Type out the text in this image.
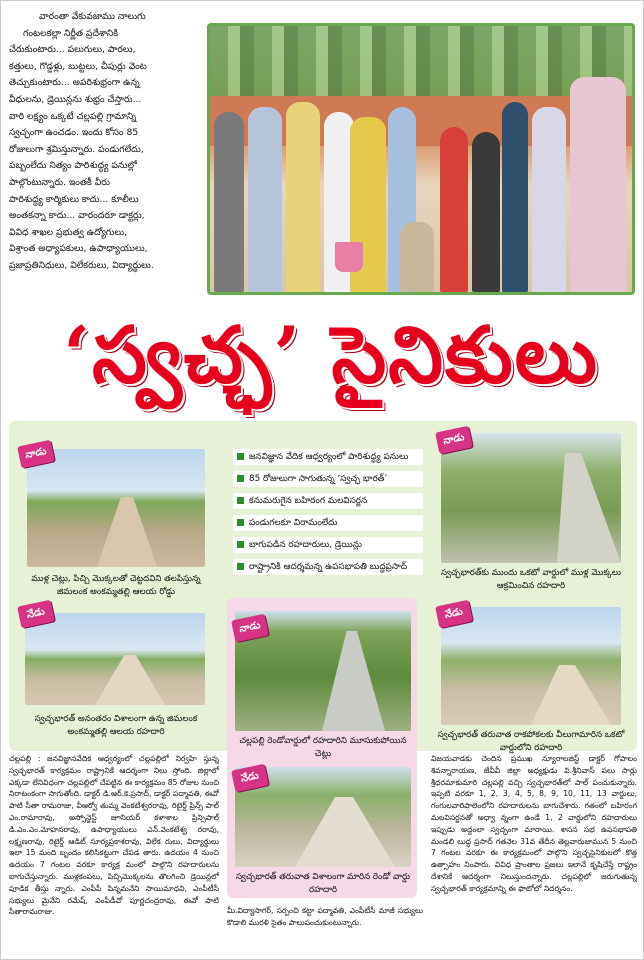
వారంతా వేకువజాము నాలుగు

గంటలకల్లా నిర్ణీత ప్రదేశానికి

చేరుకుంటారు... పలుగులు, పారలు,

కత్తులు, గొడ్డళ్లు, బుట్టలు, చీపుర్లు వెంట

తెచ్చుకుంటారు... అపరిశుభ్రంగా ఉన్న

వీధులను, డ్రెయిన్లను శుభ్రం చేస్తారు...

వారి లక్ష్యం ఒక్కటే చల్లపల్లి గ్రామాన్ని

స్వచ్ఛంగా ఉంచడం. ఇందు కోసం 85

రోజులుగా శ్రమిస్తున్నారు. పండుగలేదు,

పబ్బంలేదు నిత్యం పారిశుద్ధ్య పనుల్లో

పాల్గొంటున్నారు. ఇంతకీ వీరు

పారిశుద్ధ్య కార్మికులు కాదు... కూలీలు

అంతకన్నా కాదు... వారందరూ డాక్టర్లు,

వివిధ శాఖల ప్రభుత్వ ఉద్యోగులు,

విశ్రాంత అధ్యాపకులు, ఉపాధ్యాయులు,

ప్రజాప్రతినిధులు, విలేకరులు, విద్యార్థులు.

‘స్వచ్ఛ’ సైనికులు
నాడు
ముళ్ల చెట్లు, పిచ్చి మొక్కలతో చెట్టదవిని తలపిస్తున్న జిమలంక అంకమ్మతల్లి ఆలయ రోడ్డు
నేడు
స్వచ్ఛభారత్ అనంతరం విశాలంగా ఉన్న జిమలంక అంకమ్మతల్లి ఆలయ రహదారి
జనవిజ్ఞాన వేదిక ఆధ్వర్యంలో పారిశుద్ధ్య పనులు
85 రోజులుగా సాగుతున్న ‘స్వచ్ఛ భారత్’
కనుమరుగైన బహిరంగ మలవిసర్జన
పండుగలకూ విరామంలేదు
బాగుపడిన రహదారులు, డ్రెయిన్లు
రాష్ట్రానికి ఆదర్శమన్న ఉపసభాపతి బుద్ధప్రసాద్
నాడు
చల్లపల్లి రెండోవార్డులో రహదారిని మూసుకుపోయిన చెట్లు
నేడు
స్వచ్ఛభారత్ తరువాత విశాలంగా మారిన రెండో వార్డు రహదారి
నాడు
స్వచ్ఛభారత్‌కు ముందు ఒకటో వార్డులో ముళ్ల మొక్కలు ఆక్రమించిన రహదారి
నేడు
స్వచ్ఛభారత్ తరువాత రాకపోకలకు వీలుగామారిన ఒకటో వార్డులోని రహదారి
చల్లపల్లి : జనవిజ్ఞానవేదిక ఆధ్వర్యంలో చల్లపల్లిలో నిర్వహి స్తున్న స్వచ్ఛభారత్ కార్యక్రమం రాష్ట్రానికే ఆదర్శంగా నిలు స్తోంది. జిల్లాలో ఎక్కడా లేనివిధంగా చల్లపల్లిలో చేపట్టిన ఈ కార్యక్రమం 85 రోజుల నుంచి నిరాటంకంగా సాగుతోంది. డాక్టర్ డి.ఆర్.కె.ప్రసాద్, డాక్టర్ పద్మావతి, ఈవో పాటి సీతా రామరాజు, వీఆర్వో తుమ్మ వెంకటేశ్వరరావు, రిటైర్డ్ ప్రిన్స్ పాల్ ఎం.రామారావు, అస్సోన్జెస్ట్ జూనియర్ కళాశాల ప్రిన్సిపాల్ డి.ఎం.ఎం.మోహనరావు, ఉపాధ్యాయులు ఎన్.వెంకటేశ్వ రరావు, లక్ష్మణరావు, రిటైర్డ్ ఆడిట్ సూర్యప్రకాశరావు, విలేక రులు, విద్యార్థులు ఇలా 15 మంది బృందం కలిసికట్టుగా చేపడ తారు. ఉదయం 4 నుంచి ఉదయం 7 గంటల వరకూ కార్యక్ర మంలో పాల్గొని రహదారులను బాగుచేస్తున్నారు. ముళ్లకంపలు, పిచ్చిమొక్కలను తొలగించి డ్రెయిన్లలో పూడిక తీస్తు న్నారు. ఎంపీపీ పిన్నమనేని సాయిమాధవి, ఎంపీటీసీ సభ్యులు మైనేని రమేష్, ఎంపీడీవో పూర్ణచంద్రరావు, ఈవో పాటి సీతారామరాజు.	మీ.విద్యాసాగర్, సర్పంచి కట్టా పద్మావతి, ఎంపీటీసీ మాజీ సభ్యులు కొడాలి మురళి సైతం పాలుపంచుకుంటున్నారు.
విజయవాడకు చెందిన ప్రముఖ న్యూరాలజిస్ట్ డాక్టర్ గోపాలం శివన్నారాయణ, జేవీవీ జిల్లా అధ్యక్షుడు వి.శ్రీనివాస్ పలు సార్లు శ్రీధరమాకుమారి చల్లపల్లి వచ్చి స్వచ్ఛభారత్‌లో పాల్ పంచుకున్నారు. ఇప్పటి వరకూ 1, 2, 3, 4, 5, 8, 9, 10, 11, 13 వార్డులు, గంగులవారిపాలెంలోని రహదారులను బాగుచేశారు. గతంలో బహిరంగ మలవిసర్జనతో అధ్వా న్నంగా ఉండే 1, 2 వార్డులోని రహదారులు ఇప్పుడు అద్దంలా స్వచ్ఛంగా మారాయి. శాసన సభ ఉపసభాపతి మండలి బుద్ధ ప్రసాద్ గతనెల 31వ తేదీన తెల్లవారుజామున 5 నుంచి 7 గంటల వరకూ ఈ కార్యక్రమంలో పాల్గొని స్వచ్ఛసైనికులలో కొత్త ఉత్సాహం నింపారు. వివిధ ప్రాంతాల ప్రజలు ఇలానే కృషిచేస్తే రాష్ట్రం దేశానికే ఆదర్శంగా నిలుస్తుందన్నారు. చల్లపల్లిలో జరుగుతున్న స్వచ్ఛభారత్ కార్యక్రమాన్ని ఈ ఫొటోలో నిదర్శనం.
